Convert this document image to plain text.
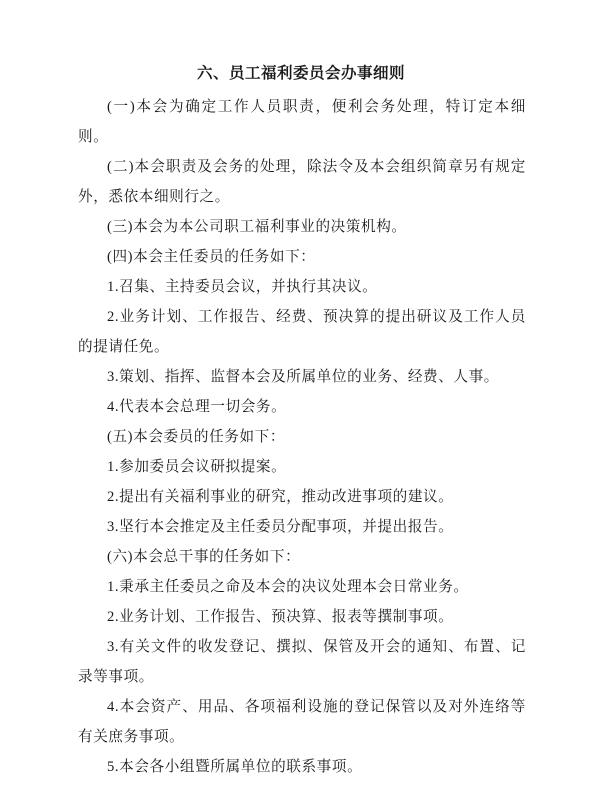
六、员工福利委员会办事细则

(一)本会为确定工作人员职责，便利会务处理，特订定本细则。

(二)本会职责及会务的处理，除法令及本会组织简章另有规定外，悉依本细则行之。

(三)本会为本公司职工福利事业的决策机构。

(四)本会主任委员的任务如下：

1.召集、主持委员会议，并执行其决议。

2.业务计划、工作报告、经费、预决算的提出研议及工作人员的提请任免。

3.策划、指挥、监督本会及所属单位的业务、经费、人事。

4.代表本会总理一切会务。

(五)本会委员的任务如下：

1.参加委员会议研拟提案。

2.提出有关福利事业的研究，推动改进事项的建议。

3.坚行本会推定及主任委员分配事项，并提出报告。

(六)本会总干事的任务如下：

1.秉承主任委员之命及本会的决议处理本会日常业务。

2.业务计划、工作报告、预决算、报表等撰制事项。

3.有关文件的收发登记、撰拟、保管及开会的通知、布置、记录等事项。

4.本会资产、用品、各项福利设施的登记保管以及对外连络等有关庶务事项。

5.本会各小组暨所属单位的联系事项。
